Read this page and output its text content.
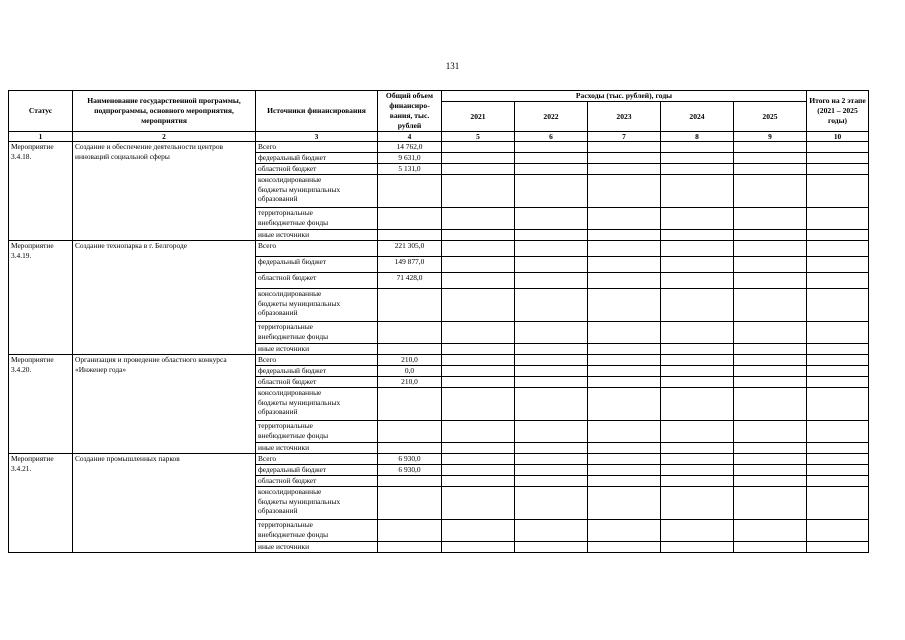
131
Статус	Наименование государственной программы, подпрограммы, основного мероприятия, мероприятия	Источники финансирования	Общий объем финансиро-вания, тыс. рублей	Расходы (тыс. рублей), годы					Итого на 2 этапе (2021 – 2025 годы)
				2021	2022	2023	2024	2025	
1	2	3	4	5	6	7	8	9	10
Мероприятие 3.4.18.	Создание и обеспечение деятельности центров инноваций социальной сферы	Всего	14 762,0						
		федеральный бюджет	9 631,0						
		областной бюджет	5 131,0						

		консолидированные
бюджеты муниципальных
образований							

		территориальные
внебюджетные фонды							

		иные источники							
Мероприятие 3.4.19.	Создание технопарка в г. Белгороде	Всего	221 305,0						
		федеральный бюджет	149 877,0						
		областной бюджет	71 428,0						

		консолидированные
бюджеты муниципальных
образований							

		территориальные
внебюджетные фонды							

		иные источники							
Мероприятие 3.4.20.	Организация и проведение областного конкурса «Инженер года»	Всего	210,0						
		федеральный бюджет	0,0						
		областной бюджет	210,0						

		консолидированные
бюджеты муниципальных
образований							

		территориальные
внебюджетные фонды							

		иные источники							
Мероприятие 3.4.21.	Создание промышленных парков	Всего	6 930,0						
		федеральный бюджет	6 930,0						
		областной бюджет							

		консолидированные
бюджеты муниципальных
образований							

		территориальные
внебюджетные фонды							

		иные источники							
